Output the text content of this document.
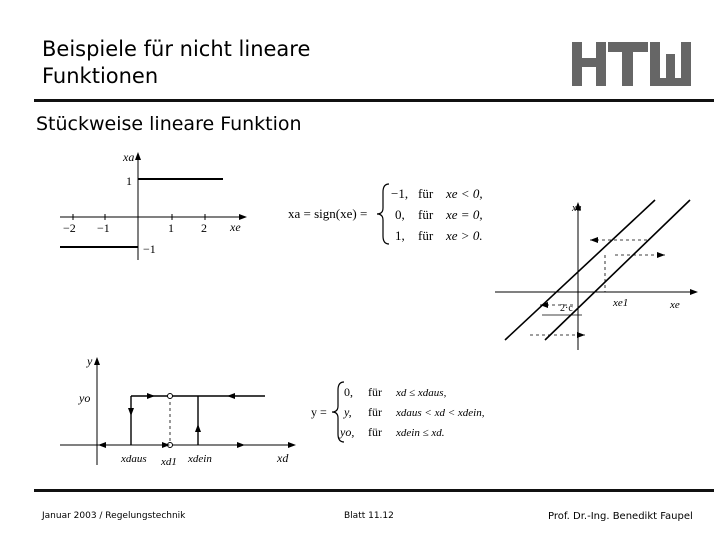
Beispiele für nicht lineare
Funktionen
Stückweise lineare Funktion
xa
xe
−2 −1	1 2
1
−1
xa = sign(xe) =
−1, für xe < 0,
0, für xe = 0,
1, für xe > 0.
xa
xe
xe1
2·c
y
yo
xd
xdaus xd1 xdein
y =
0, für xd ≤ xdaus,
y, für xdaus < xd < xdein,
yo, für xdein ≤ xd.
Januar 2003 / Regelungstechnik	Blatt 11.12	Prof. Dr.-Ing. Benedikt Faupel
